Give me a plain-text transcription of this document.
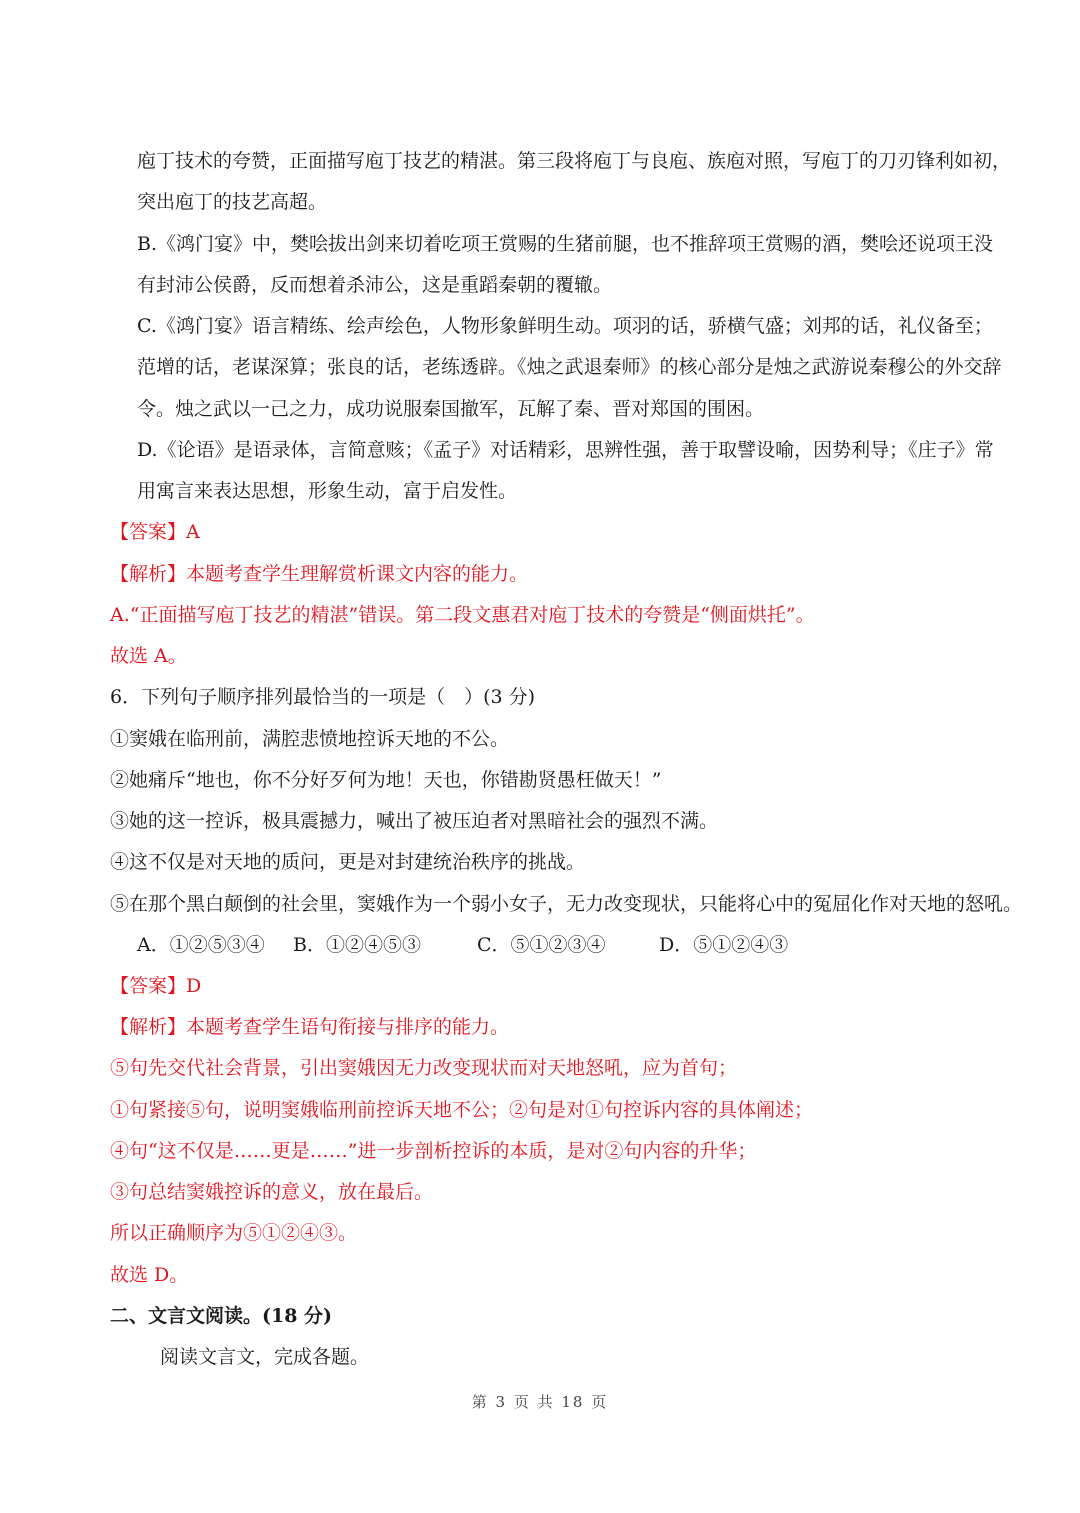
庖丁技术的夸赞，正面描写庖丁技艺的精湛。第三段将庖丁与良庖、族庖对照，写庖丁的刀刃锋利如初，
突出庖丁的技艺高超。
B.《鸿门宴》中，樊哙拔出剑来切着吃项王赏赐的生猪前腿，也不推辞项王赏赐的酒，樊哙还说项王没
有封沛公侯爵，反而想着杀沛公，这是重蹈秦朝的覆辙。
C.《鸿门宴》语言精练、绘声绘色，人物形象鲜明生动。项羽的话，骄横气盛；刘邦的话，礼仪备至；
范增的话，老谋深算；张良的话，老练透辟。《烛之武退秦师》的核心部分是烛之武游说秦穆公的外交辞
令。烛之武以一己之力，成功说服秦国撤军，瓦解了秦、晋对郑国的围困。
D.《论语》是语录体，言简意赅；《孟子》对话精彩，思辨性强，善于取譬设喻，因势利导；《庄子》常
用寓言来表达思想，形象生动，富于启发性。
【答案】A
【解析】本题考查学生理解赏析课文内容的能力。
A.“正面描写庖丁技艺的精湛”错误。第二段文惠君对庖丁技术的夸赞是“侧面烘托”。
故选 A。
6．下列句子顺序排列最恰当的一项是（　）(3 分)
①窦娥在临刑前，满腔悲愤地控诉天地的不公。
②她痛斥“地也，你不分好歹何为地！天也，你错勘贤愚枉做天！”
③她的这一控诉，极具震撼力，喊出了被压迫者对黑暗社会的强烈不满。
④这不仅是对天地的质问，更是对封建统治秩序的挑战。
⑤在那个黑白颠倒的社会里，窦娥作为一个弱小女子，无力改变现状，只能将心中的冤屈化作对天地的怒吼。
A．①②⑤③④ B．①②④⑤③	C．⑤①②③④	D．⑤①②④③
【答案】D
【解析】本题考查学生语句衔接与排序的能力。
⑤句先交代社会背景，引出窦娥因无力改变现状而对天地怒吼，应为首句；
①句紧接⑤句，说明窦娥临刑前控诉天地不公；②句是对①句控诉内容的具体阐述；
④句“这不仅是……更是……”进一步剖析控诉的本质，是对②句内容的升华；
③句总结窦娥控诉的意义，放在最后。
所以正确顺序为⑤①②④③。
故选 D。
二、文言文阅读。(18 分)
阅读文言文，完成各题。
第 3 页 共 18 页
